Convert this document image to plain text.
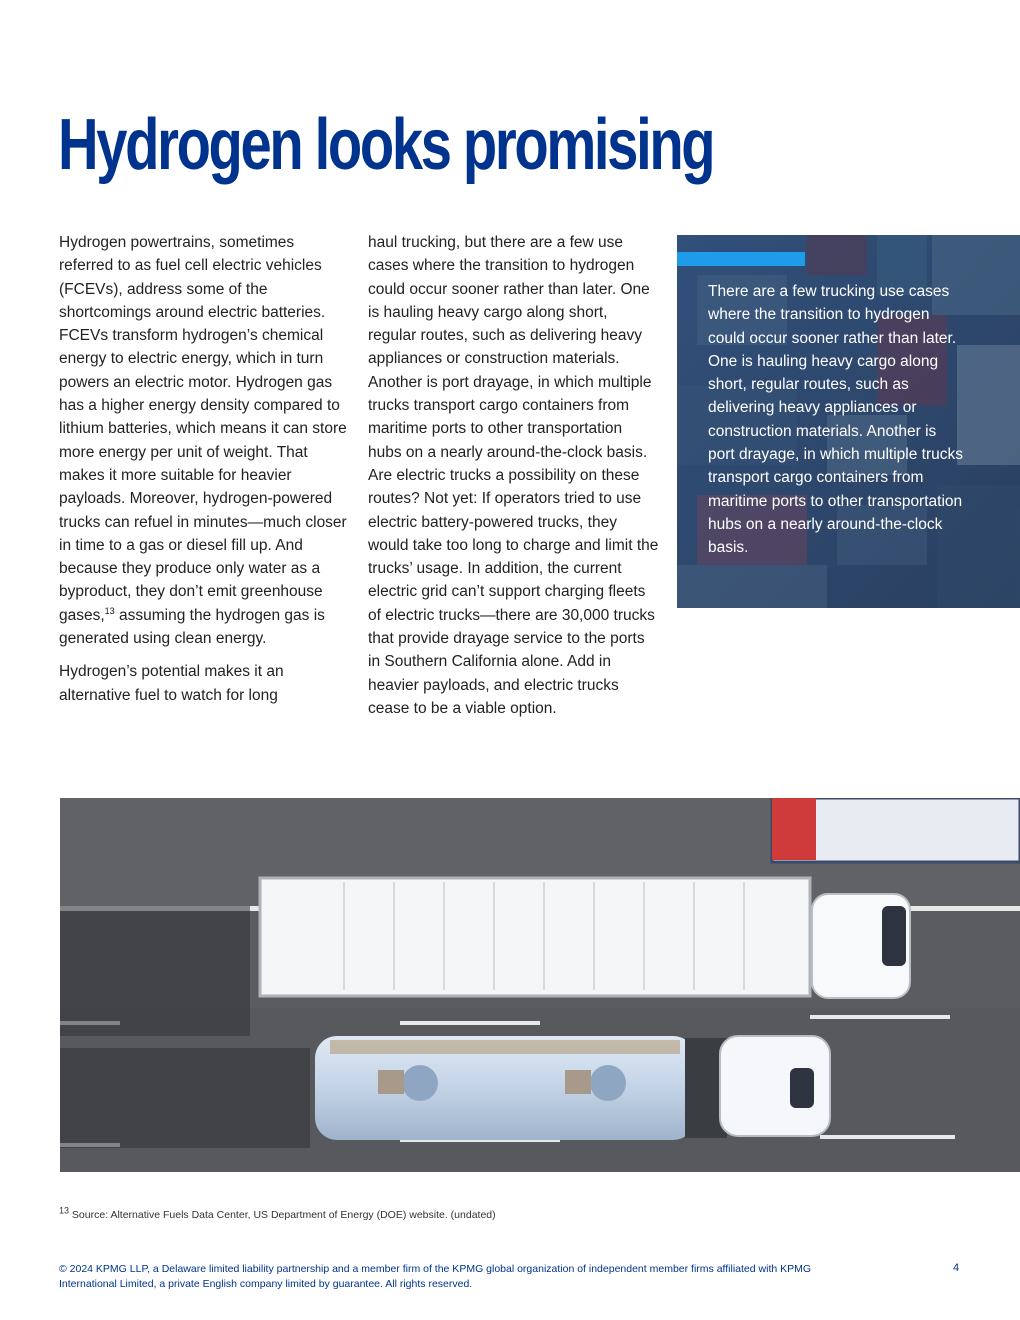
Hydrogen looks promising

Hydrogen powertrains, sometimes referred to as fuel cell electric vehicles (FCEVs), address some of the shortcomings around electric batteries. FCEVs transform hydrogen’s chemical energy to electric energy, which in turn powers an electric motor. Hydrogen gas has a higher energy density compared to lithium batteries, which means it can store more energy per unit of weight. That makes it more suitable for heavier payloads. Moreover, hydrogen-powered trucks can refuel in minutes—much closer in time to a gas or diesel fill up. And because they produce only water as a byproduct, they don’t emit greenhouse gases,$^{13}$ assuming the hydrogen gas is generated using clean energy.

Hydrogen’s potential makes it an alternative fuel to watch for long

haul trucking, but there are a few use cases where the transition to hydrogen could occur sooner rather than later. One is hauling heavy cargo along short, regular routes, such as delivering heavy appliances or construction materials. Another is port drayage, in which multiple trucks transport cargo containers from maritime ports to other transportation hubs on a nearly around-the-clock basis. Are electric trucks a possibility on these routes? Not yet: If operators tried to use electric battery-powered trucks, they would take too long to charge and limit the trucks’ usage. In addition, the current electric grid can’t support charging fleets of electric trucks—there are 30,000 trucks that provide drayage service to the ports in Southern California alone. Add in heavier payloads, and electric trucks cease to be a viable option.

There are a few trucking use cases where the transition to hydrogen could occur sooner rather than later. One is hauling heavy cargo along short, regular routes, such as delivering heavy appliances or construction materials. Another is port drayage, in which multiple trucks transport cargo containers from maritime ports to other transportation hubs on a nearly around-the-clock basis.
$^{13}$ Source: Alternative Fuels Data Center, US Department of Energy (DOE) website. (undated)
© 2024 KPMG LLP, a Delaware limited liability partnership and a member firm of the KPMG global organization of independent member firms affiliated with KPMG International Limited, a private English company limited by guarantee. All rights reserved.
4
